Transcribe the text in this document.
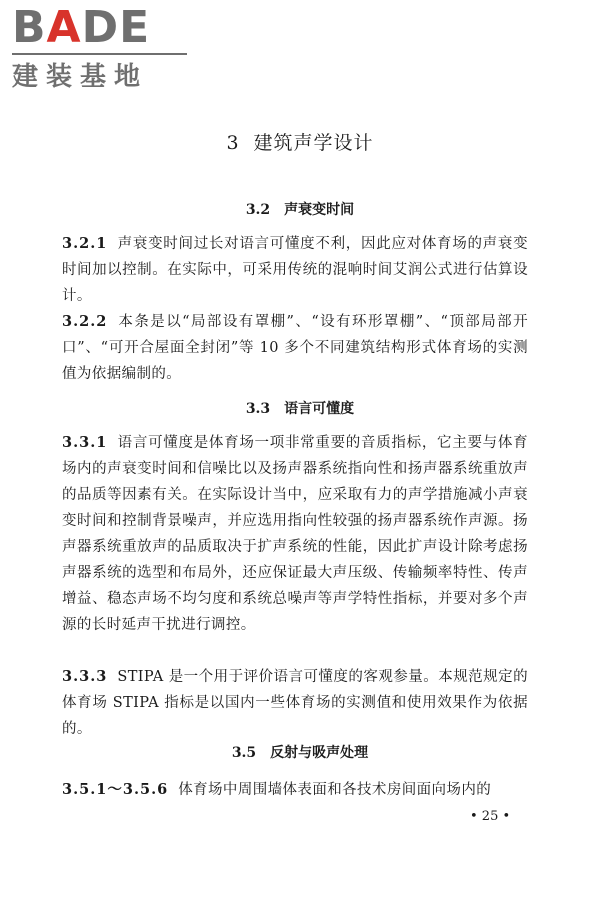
BADE
建装基地
3 建筑声学设计
3.2 声衰变时间
3.2.1 声衰变时间过长对语言可懂度不利，因此应对体育场的声衰变时间加以控制。在实际中，可采用传统的混响时间艾润公式进行估算设计。
3.2.2 本条是以“局部设有罩棚”、“设有环形罩棚”、“顶部局部开口”、“可开合屋面全封闭”等 10 多个不同建筑结构形式体育场的实测值为依据编制的。
3.3 语言可懂度
3.3.1 语言可懂度是体育场一项非常重要的音质指标，它主要与体育场内的声衰变时间和信噪比以及扬声器系统指向性和扬声器系统重放声的品质等因素有关。在实际设计当中，应采取有力的声学措施减小声衰变时间和控制背景噪声，并应选用指向性较强的扬声器系统作声源。扬声器系统重放声的品质取决于扩声系统的性能，因此扩声设计除考虑扬声器系统的选型和布局外，还应保证最大声压级、传输频率特性、传声增益、稳态声场不均匀度和系统总噪声等声学特性指标，并要对多个声源的长时延声干扰进行调控。
3.3.3 STIPA 是一个用于评价语言可懂度的客观参量。本规范规定的体育场 STIPA 指标是以国内一些体育场的实测值和使用效果作为依据的。
3.5 反射与吸声处理
3.5.1～3.5.6 体育场中周围墙体表面和各技术房间面向场内的
• 25 •
